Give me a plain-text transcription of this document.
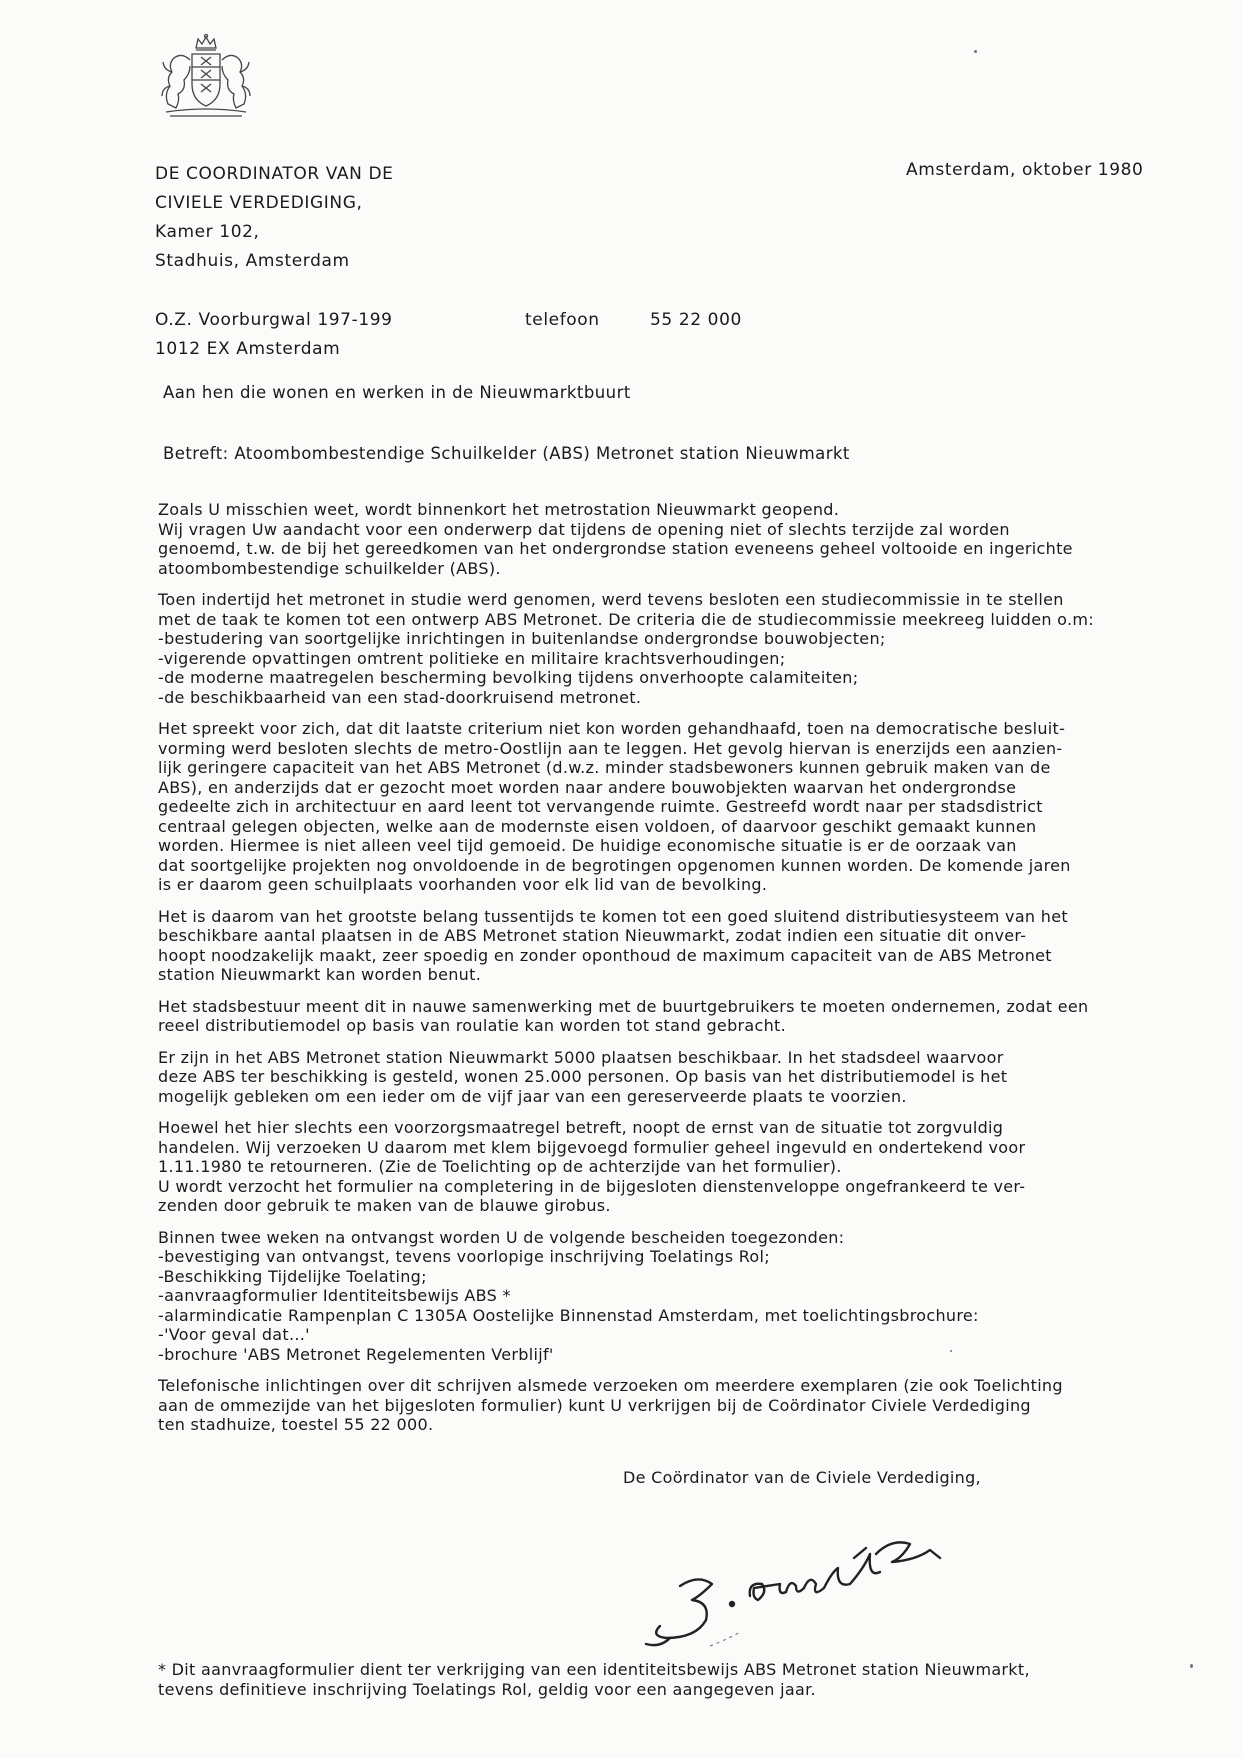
DE COORDINATOR VAN DE
CIVIELE VERDEDIGING,
Kamer 102,
Stadhuis, Amsterdam
Amsterdam, oktober 1980
O.Z. Voorburgwal 197-199	telefoon	55 22 000
1012 EX Amsterdam
Aan hen die wonen en werken in de Nieuwmarktbuurt
Betreft: Atoombombestendige Schuilkelder (ABS) Metronet station Nieuwmarkt

Zoals U misschien weet, wordt binnenkort het metrostation Nieuwmarkt geopend.
Wij vragen Uw aandacht voor een onderwerp dat tijdens de opening niet of slechts terzijde zal worden
genoemd, t.w. de bij het gereedkomen van het ondergrondse station eveneens geheel voltooide en ingerichte
atoombombestendige schuilkelder (ABS).

Toen indertijd het metronet in studie werd genomen, werd tevens besloten een studiecommissie in te stellen
met de taak te komen tot een ontwerp ABS Metronet. De criteria die de studiecommissie meekreeg luidden o.m:
-bestudering van soortgelijke inrichtingen in buitenlandse ondergrondse bouwobjecten;
-vigerende opvattingen omtrent politieke en militaire krachtsverhoudingen;
-de moderne maatregelen bescherming bevolking tijdens onverhoopte calamiteiten;
-de beschikbaarheid van een stad-doorkruisend metronet.

Het spreekt voor zich, dat dit laatste criterium niet kon worden gehandhaafd, toen na democratische besluit-
vorming werd besloten slechts de metro-Oostlijn aan te leggen. Het gevolg hiervan is enerzijds een aanzien-
lijk geringere capaciteit van het ABS Metronet (d.w.z. minder stadsbewoners kunnen gebruik maken van de
ABS), en anderzijds dat er gezocht moet worden naar andere bouwobjekten waarvan het ondergrondse
gedeelte zich in architectuur en aard leent tot vervangende ruimte. Gestreefd wordt naar per stadsdistrict
centraal gelegen objecten, welke aan de modernste eisen voldoen, of daarvoor geschikt gemaakt kunnen
worden. Hiermee is niet alleen veel tijd gemoeid. De huidige economische situatie is er de oorzaak van
dat soortgelijke projekten nog onvoldoende in de begrotingen opgenomen kunnen worden. De komende jaren
is er daarom geen schuilplaats voorhanden voor elk lid van de bevolking.

Het is daarom van het grootste belang tussentijds te komen tot een goed sluitend distributiesysteem van het
beschikbare aantal plaatsen in de ABS Metronet station Nieuwmarkt, zodat indien een situatie dit onver-
hoopt noodzakelijk maakt, zeer spoedig en zonder oponthoud de maximum capaciteit van de ABS Metronet
station Nieuwmarkt kan worden benut.

Het stadsbestuur meent dit in nauwe samenwerking met de buurtgebruikers te moeten ondernemen, zodat een
reeel distributiemodel op basis van roulatie kan worden tot stand gebracht.

Er zijn in het ABS Metronet station Nieuwmarkt 5000 plaatsen beschikbaar. In het stadsdeel waarvoor
deze ABS ter beschikking is gesteld, wonen 25.000 personen. Op basis van het distributiemodel is het
mogelijk gebleken om een ieder om de vijf jaar van een gereserveerde plaats te voorzien.

Hoewel het hier slechts een voorzorgsmaatregel betreft, noopt de ernst van de situatie tot zorgvuldig
handelen. Wij verzoeken U daarom met klem bijgevoegd formulier geheel ingevuld en ondertekend voor
1.11.1980 te retourneren. (Zie de Toelichting op de achterzijde van het formulier).
U wordt verzocht het formulier na completering in de bijgesloten dienstenveloppe ongefrankeerd te ver-
zenden door gebruik te maken van de blauwe girobus.

Binnen twee weken na ontvangst worden U de volgende bescheiden toegezonden:
-bevestiging van ontvangst, tevens voorlopige inschrijving Toelatings Rol;
-Beschikking Tijdelijke Toelating;
-aanvraagformulier Identiteitsbewijs ABS *
-alarmindicatie Rampenplan C 1305A Oostelijke Binnenstad Amsterdam, met toelichtingsbrochure:
-'Voor geval dat...'
-brochure 'ABS Metronet Regelementen Verblijf'

Telefonische inlichtingen over dit schrijven alsmede verzoeken om meerdere exemplaren (zie ook Toelichting
aan de ommezijde van het bijgesloten formulier) kunt U verkrijgen bij de Coördinator Civiele Verdediging
ten stadhuize, toestel 55 22 000.

De Coördinator van de Civiele Verdediging,
* Dit aanvraagformulier dient ter verkrijging van een identiteitsbewijs ABS Metronet station Nieuwmarkt,
tevens definitieve inschrijving Toelatings Rol, geldig voor een aangegeven jaar.
